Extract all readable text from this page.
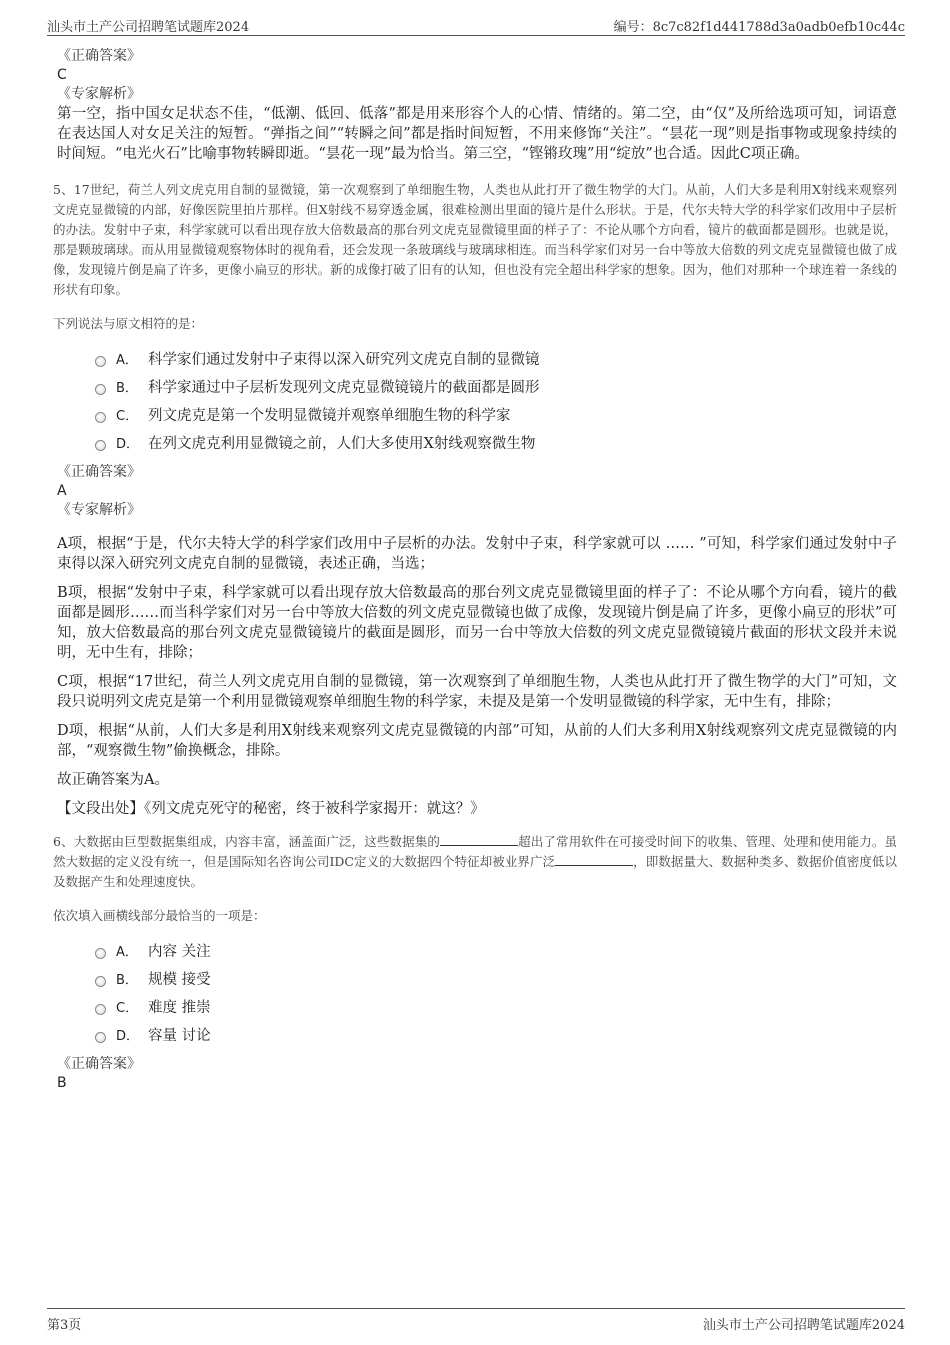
汕头市土产公司招聘笔试题库2024	编号：8c7c82f1d441788d3a0adb0efb10c44c
《正确答案》
C
《专家解析》

第一空，指中国女足状态不佳，“低潮、低回、低落”都是用来形容个人的心情、情绪的。第二空，由“仅”及所给选项可知，词语意在表达国人对女足关注的短暂。“弹指之间”“转瞬之间”都是指时间短暂，不用来修饰“关注”。“昙花一现”则是指事物或现象持续的时间短。“电光火石”比喻事物转瞬即逝。“昙花一现”最为恰当。第三空，“铿锵玫瑰”用“绽放”也合适。因此C项正确。

5、17世纪，荷兰人列文虎克用自制的显微镜，第一次观察到了单细胞生物，人类也从此打开了微生物学的大门。从前，人们大多是利用X射线来观察列文虎克显微镜的内部，好像医院里拍片那样。但X射线不易穿透金属，很难检测出里面的镜片是什么形状。于是，代尔夫特大学的科学家们改用中子层析的办法。发射中子束，科学家就可以看出现存放大倍数最高的那台列文虎克显微镜里面的样子了：不论从哪个方向看，镜片的截面都是圆形。也就是说，那是颗玻璃球。而从用显微镜观察物体时的视角看，还会发现一条玻璃线与玻璃球相连。而当科学家们对另一台中等放大倍数的列文虎克显微镜也做了成像，发现镜片倒是扁了许多，更像小扁豆的形状。新的成像打破了旧有的认知，但也没有完全超出科学家的想象。因为，他们对那种一个球连着一条线的形状有印象。

下列说法与原文相符的是：
A． 科学家们通过发射中子束得以深入研究列文虎克自制的显微镜
B． 科学家通过中子层析发现列文虎克显微镜镜片的截面都是圆形
C． 列文虎克是第一个发明显微镜并观察单细胞生物的科学家
D． 在列文虎克利用显微镜之前，人们大多使用X射线观察微生物
《正确答案》
A
《专家解析》

A项，根据“于是，代尔夫特大学的科学家们改用中子层析的办法。发射中子束，科学家就可以 …… ”可知，科学家们通过发射中子束得以深入研究列文虎克自制的显微镜，表述正确，当选；

B项，根据“发射中子束，科学家就可以看出现存放大倍数最高的那台列文虎克显微镜里面的样子了：不论从哪个方向看，镜片的截面都是圆形……而当科学家们对另一台中等放大倍数的列文虎克显微镜也做了成像，发现镜片倒是扁了许多，更像小扁豆的形状”可知，放大倍数最高的那台列文虎克显微镜镜片的截面是圆形，而另一台中等放大倍数的列文虎克显微镜镜片截面的形状文段并未说明，无中生有，排除；

C项，根据“17世纪，荷兰人列文虎克用自制的显微镜，第一次观察到了单细胞生物，人类也从此打开了微生物学的大门”可知，文段只说明列文虎克是第一个利用显微镜观察单细胞生物的科学家，未提及是第一个发明显微镜的科学家，无中生有，排除；

D项，根据“从前，人们大多是利用X射线来观察列文虎克显微镜的内部”可知，从前的人们大多利用X射线观察列文虎克显微镜的内部，“观察微生物”偷换概念，排除。

故正确答案为A。

【文段出处】《列文虎克死守的秘密，终于被科学家揭开：就这？》

6、大数据由巨型数据集组成，内容丰富，涵盖面广泛，这些数据集的	超出了常用软件在可接受时间下的收集、管理、处理和使用能力。虽然大数据的定义没有统一，但是国际知名咨询公司IDC定义的大数据四个特征却被业界广泛	，即数据量大、数据种类多、数据价值密度低以及数据产生和处理速度快。

依次填入画横线部分最恰当的一项是：
A． 内容 关注
B． 规模 接受
C． 难度 推崇
D． 容量 讨论
《正确答案》
B
第3页	汕头市土产公司招聘笔试题库2024
